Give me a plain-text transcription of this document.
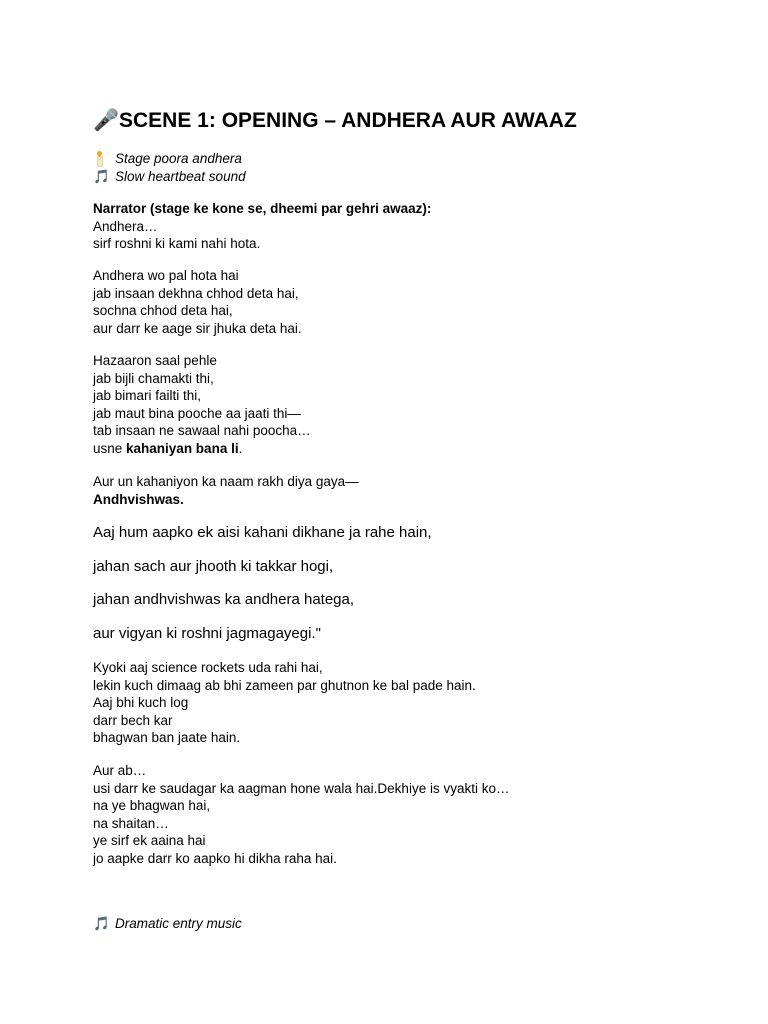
🎤SCENE 1: OPENING – ANDHERA AUR AWAAZ
Stage poora andhera
🎵 Slow heartbeat sound
Narrator (stage ke kone se, dheemi par gehri awaaz):
Andhera…
sirf roshni ki kami nahi hota.
Andhera wo pal hota hai
jab insaan dekhna chhod deta hai,
sochna chhod deta hai,
aur darr ke aage sir jhuka deta hai.
Hazaaron saal pehle
jab bijli chamakti thi,
jab bimari failti thi,
jab maut bina pooche aa jaati thi—
tab insaan ne sawaal nahi poocha…
usne kahaniyan bana li.
Aur un kahaniyon ka naam rakh diya gaya—
Andhvishwas.
Aaj hum aapko ek aisi kahani dikhane ja rahe hain,
jahan sach aur jhooth ki takkar hogi,
jahan andhvishwas ka andhera hatega,
aur vigyan ki roshni jagmagayegi."
Kyoki aaj science rockets uda rahi hai,
lekin kuch dimaag ab bhi zameen par ghutnon ke bal pade hain.
Aaj bhi kuch log
darr bech kar
bhagwan ban jaate hain.
Aur ab…
usi darr ke saudagar ka aagman hone wala hai.Dekhiye is vyakti ko…
na ye bhagwan hai,
na shaitan…
ye sirf ek aaina hai
jo aapke darr ko aapko hi dikha raha hai.
🎵 Dramatic entry music
